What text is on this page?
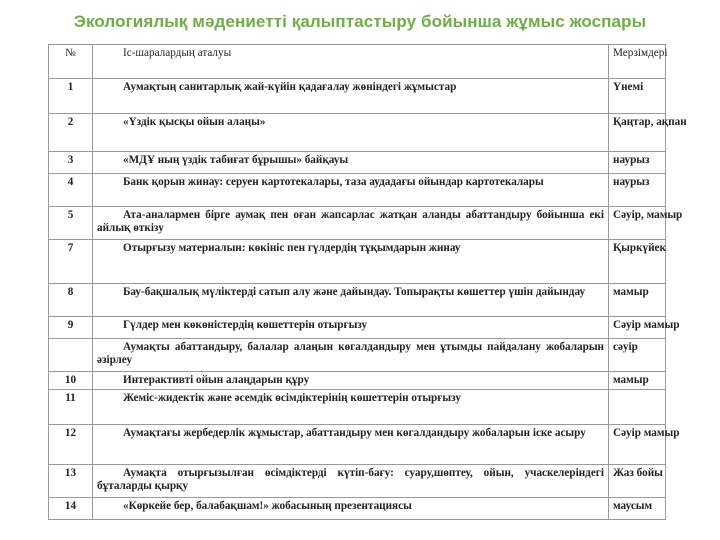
Экологиялық мәдениетті қалыптастыру бойынша жұмыс жоспары
№	Іс-шаралардың аталуы	Мерзімдері
1	Аумақтың санитарлық жай-күйін қадағалау жөніндегі жұмыстар	Үнемі
2	«Үздік қысқы ойын алаңы»	Қаңтар, ақпан
3	«МДҰ ның үздік табиғат бұрышы» байқауы	наурыз
4	Банк қорын жинау: серуен картотекалары, таза аудадағы ойындар картотекалары	наурыз
5	Ата-аналармен бірге аумақ пен оған жапсарлас жатқан аланды абаттандыру бойынша екі айлық өткізу	Сәуір, мамыр
7	Отырғызу материалын: көкініс пен гүлдердің тұқымдарын жинау	Қыркүйек
8	Бау-бақшалық мүліктерді сатып алу және дайындау. Топырақты көшеттер үшін дайындау	мамыр
9	Гүлдер мен көкөністердің көшеттерін отырғызу	Сәуір мамыр
	Аумақты абаттандыру, балалар алаңын көгалдандыру мен ұтымды пайдалану жобаларын әзірлеу	сәуір
10	Интерактивті ойын алаңдарын құру	мамыр
11	Жеміс-жидектік және әсемдік өсімдіктерінің көшеттерін отырғызу	
12	Аумақтағы жербедерлік жұмыстар, абаттандыру мен көгалдандыру жобаларын іске асыру	Сәуір мамыр
13	Аумақта отырғызылған өсімдіктерді күтіп-бағу: суару,шөптеу, ойын, учаскелеріндегі бұталарды қырқу	Жаз бойы
14	«Көркейе бер, балабақшам!» жобасының презентациясы	маусым
